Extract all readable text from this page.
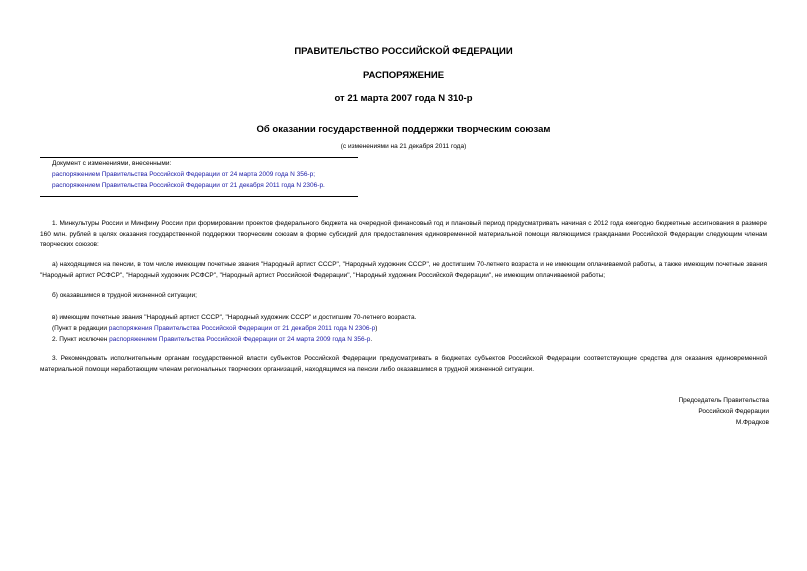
ПРАВИТЕЛЬСТВО РОССИЙСКОЙ ФЕДЕРАЦИИ
РАСПОРЯЖЕНИЕ
от 21 марта 2007 года N 310-р
Об оказании государственной поддержки творческим союзам
(с изменениями на 21 декабря 2011 года)
Документ с изменениями, внесенными:
распоряжением Правительства Российской Федерации от 24 марта 2009 года N 356-р;
распоряжением Правительства Российской Федерации от 21 декабря 2011 года N 2306-р.
1. Минкультуры России и Минфину России при формировании проектов федерального бюджета на очередной финансовый год и плановый период предусматривать начиная с 2012 года ежегодно бюджетные ассигнования в размере 160 млн. рублей в целях оказания государственной поддержки творческим союзам в форме субсидий для предоставления единовременной материальной помощи являющимся гражданами Российской Федерации следующим членам творческих союзов:
а) находящимся на пенсии, в том числе имеющим почетные звания "Народный артист СССР", "Народный художник СССР", не достигшим 70-летнего возраста и не имеющим оплачиваемой работы, а также имеющим почетные звания "Народный артист РСФСР", "Народный художник РСФСР", "Народный артист Российской Федерации", "Народный художник Российской Федерации", не имеющим оплачиваемой работы;
б) оказавшимся в трудной жизненной ситуации;
в) имеющим почетные звания "Народный артист СССР", "Народный художник СССР" и достигшим 70-летнего возраста.
(Пункт в редакции распоряжения Правительства Российской Федерации от 21 декабря 2011 года N 2306-р)
2. Пункт исключен распоряжением Правительства Российской Федерации от 24 марта 2009 года N 356-р.
3. Рекомендовать исполнительным органам государственной власти субъектов Российской Федерации предусматривать в бюджетах субъектов Российской Федерации соответствующие средства для оказания единовременной материальной помощи неработающим членам региональных творческих организаций, находящимся на пенсии либо оказавшимся в трудной жизненной ситуации.
Председатель Правительства
Российской Федерации
М.Фрадков
